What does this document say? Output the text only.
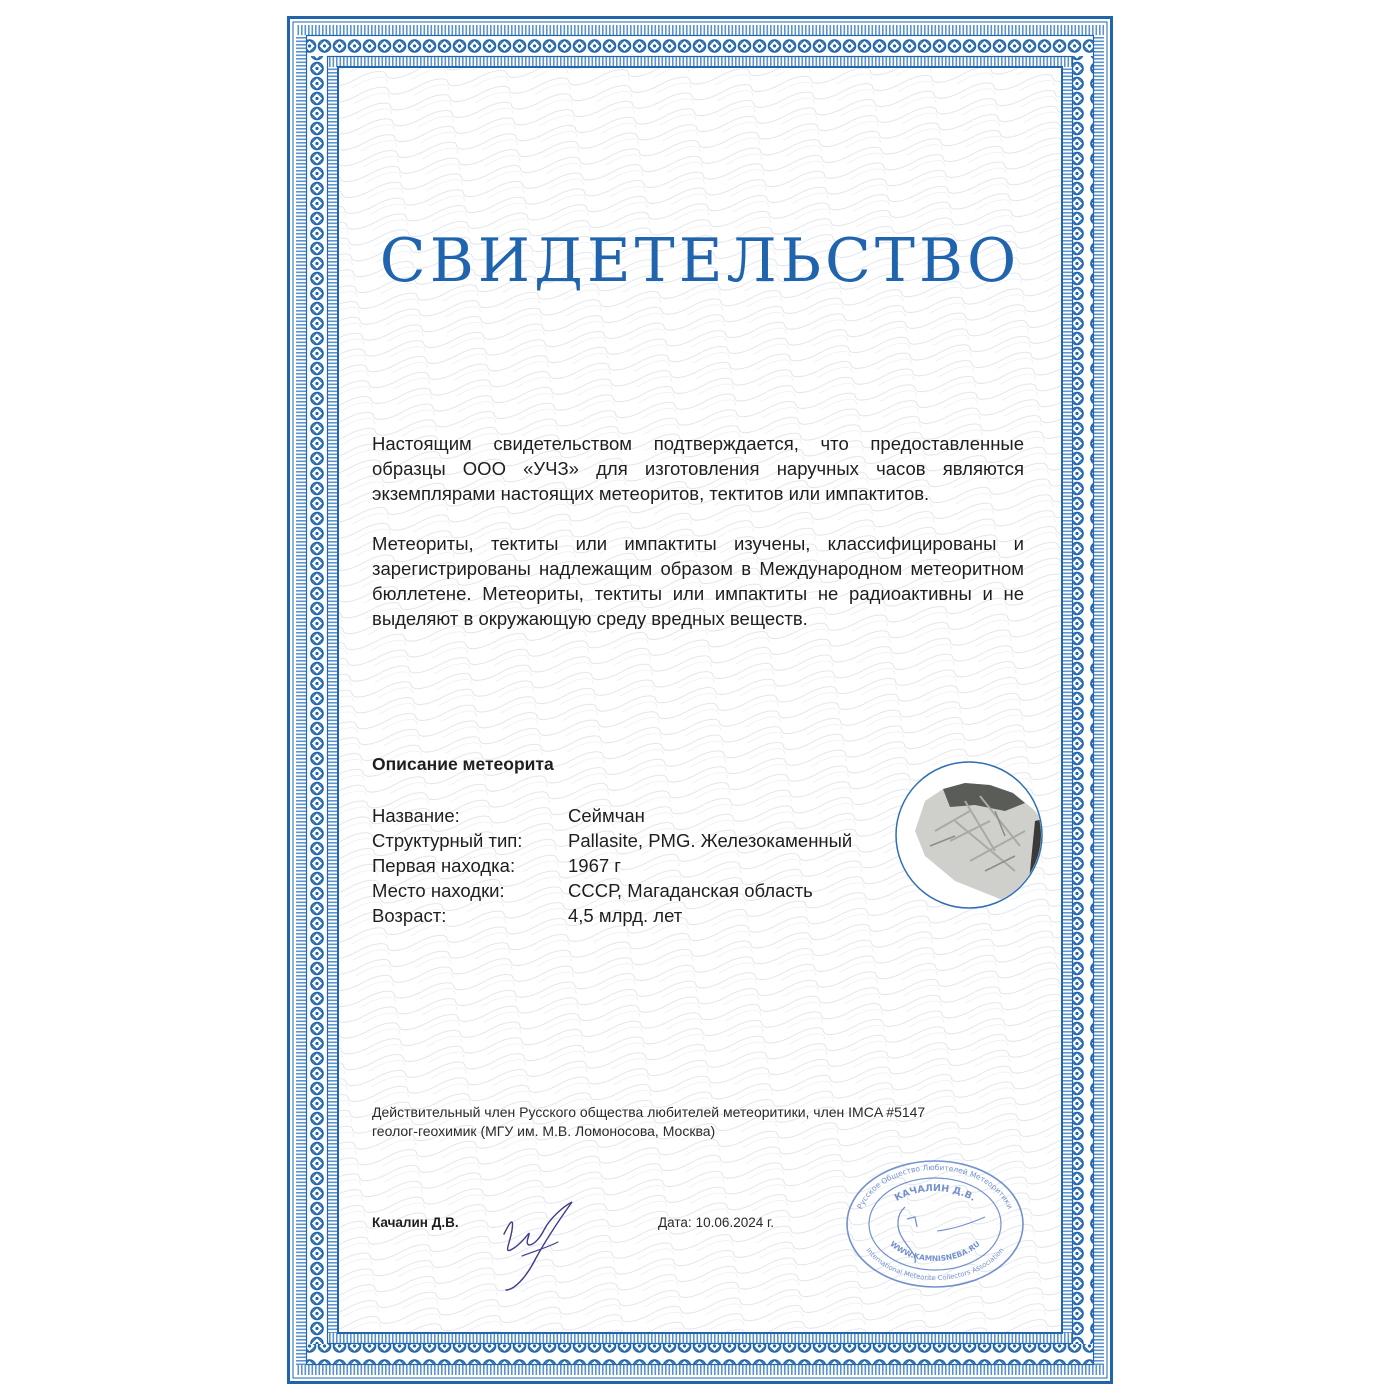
СВИДЕТЕЛЬСТВО

Настоящим свидетельством подтверждается, что предоставленные образцы ООО «УЧЗ» для изготовления наручных часов являются экземплярами настоящих метеоритов, тектитов или импактитов.

Метеориты, тектиты или импактиты изучены, классифицированы и зарегистрированы надлежащим образом в Международном метеоритном бюллетене. Метеориты, тектиты или импактиты не радиоактивны и не выделяют в окружающую среду вредных веществ.

Описание метеорита

Название:	Сеймчан
Структурный тип: Pallasite, PMG. Железокаменный
Первая находка:	1967 г
Место находки:	СССР, Магаданская область
Возраст:	4,5 млрд. лет

Действительный член Русского общества любителей метеоритики, член IMCA #5147
геолог-геохимик (МГУ им. М.В. Ломоносова, Москва)

Качалин Д.В.	Дата: 10.06.2024 г.

Русское Общество Любителей Метеоритики
КАЧАЛИН Д.В.
WWW.KAMNISNEBA.RU
International Meteorite Collectors Association
